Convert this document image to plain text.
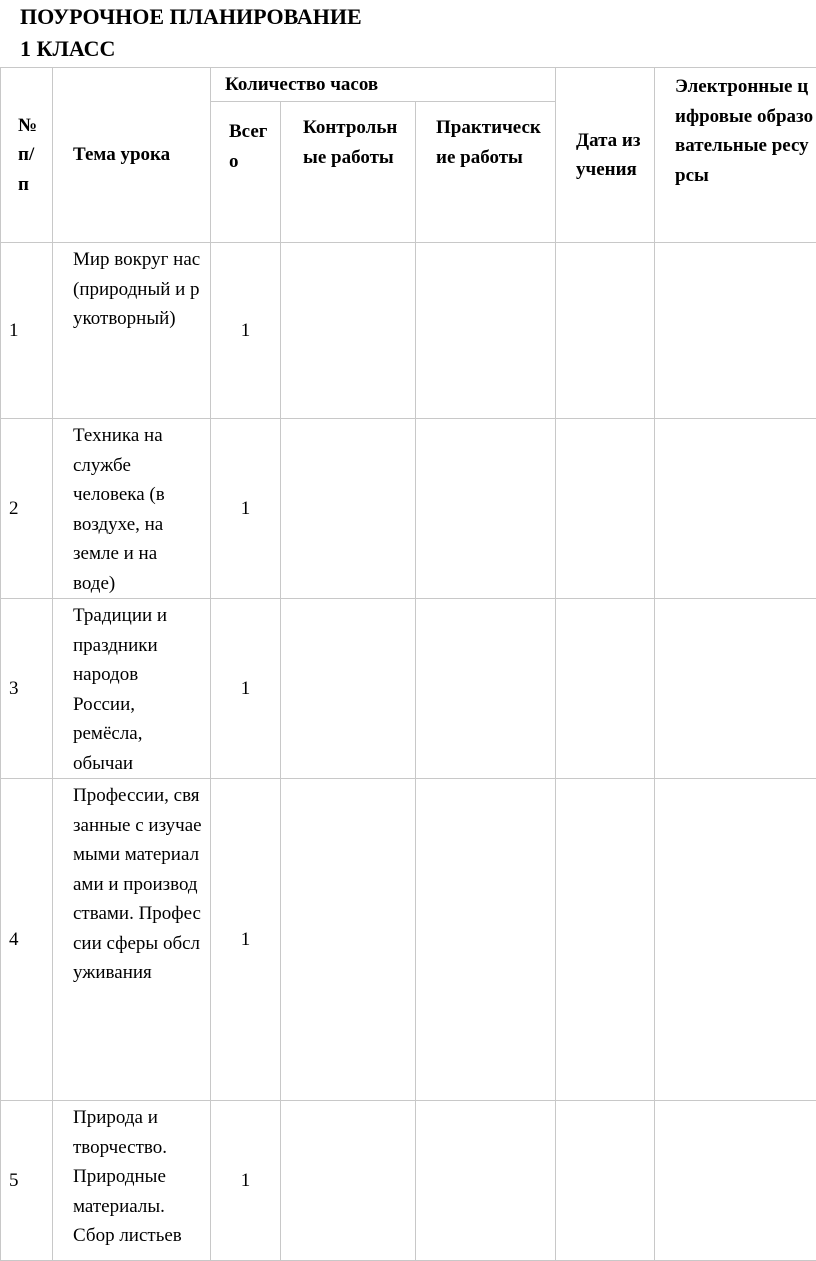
ПОУРОЧНОЕ ПЛАНИРОВАНИЕ
1 КЛАСС
№ п/п	Тема урока	Количество часов			Дата изучения	Электронные цифровые образовательные ресурсы

		Всего	Контрольные работы	Практические работы		

1	Мир вокруг нас (природный и рукотворный)	1				

2	Техника на службе человека (в воздухе, на земле и на воде)	1				

3	Традиции и праздники народов России, ремёсла, обычаи	1				

4	Профессии, связанные с изучаемыми материалами и производствами. Профессии сферы обслуживания	1				

5	Природа и творчество. Природные материалы. Сбор листьев	1				
